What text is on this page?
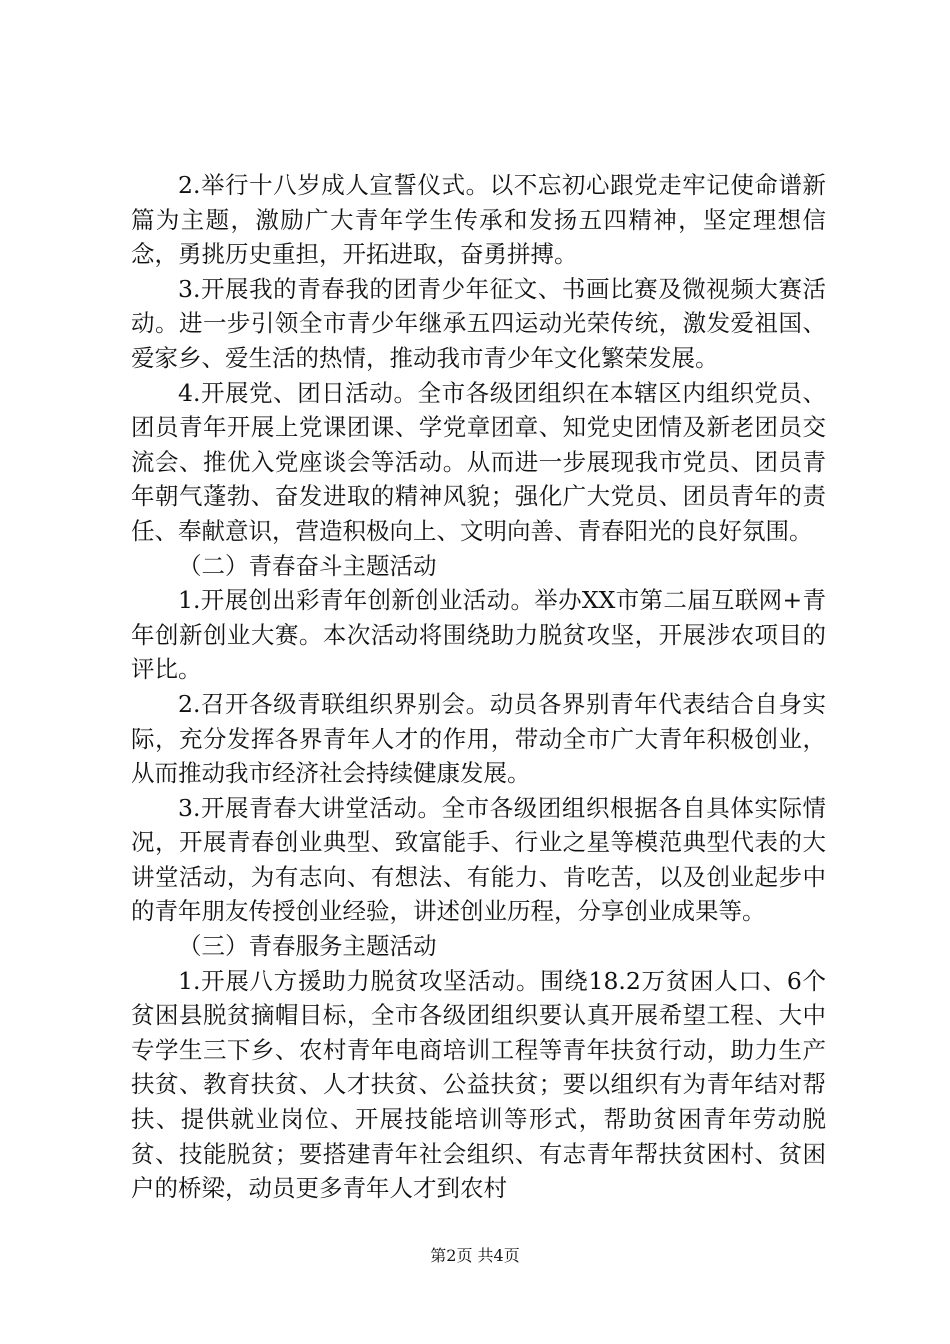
2.举行十八岁成人宣誓仪式。以不忘初心跟党走牢记使命谱新篇为主题，激励广大青年学生传承和发扬五四精神，坚定理想信念，勇挑历史重担，开拓进取，奋勇拼搏。

3.开展我的青春我的团青少年征文、书画比赛及微视频大赛活动。进一步引领全市青少年继承五四运动光荣传统，激发爱祖国、爱家乡、爱生活的热情，推动我市青少年文化繁荣发展。

4.开展党、团日活动。全市各级团组织在本辖区内组织党员、团员青年开展上党课团课、学党章团章、知党史团情及新老团员交流会、推优入党座谈会等活动。从而进一步展现我市党员、团员青年朝气蓬勃、奋发进取的精神风貌；强化广大党员、团员青年的责任、奉献意识，营造积极向上、文明向善、青春阳光的良好氛围。

（二）青春奋斗主题活动

1.开展创出彩青年创新创业活动。举办XX市第二届互联网+青年创新创业大赛。本次活动将围绕助力脱贫攻坚，开展涉农项目的评比。

2.召开各级青联组织界别会。动员各界别青年代表结合自身实际，充分发挥各界青年人才的作用，带动全市广大青年积极创业，从而推动我市经济社会持续健康发展。

3.开展青春大讲堂活动。全市各级团组织根据各自具体实际情况，开展青春创业典型、致富能手、行业之星等模范典型代表的大讲堂活动，为有志向、有想法、有能力、肯吃苦，以及创业起步中的青年朋友传授创业经验，讲述创业历程，分享创业成果等。

（三）青春服务主题活动

1.开展八方援助力脱贫攻坚活动。围绕18.2万贫困人口、6个贫困县脱贫摘帽目标，全市各级团组织要认真开展希望工程、大中专学生三下乡、农村青年电商培训工程等青年扶贫行动，助力生产扶贫、教育扶贫、人才扶贫、公益扶贫；要以组织有为青年结对帮扶、提供就业岗位、开展技能培训等形式，帮助贫困青年劳动脱贫、技能脱贫；要搭建青年社会组织、有志青年帮扶贫困村、贫困户的桥梁，动员更多青年人才到农村

第2页 共4页
